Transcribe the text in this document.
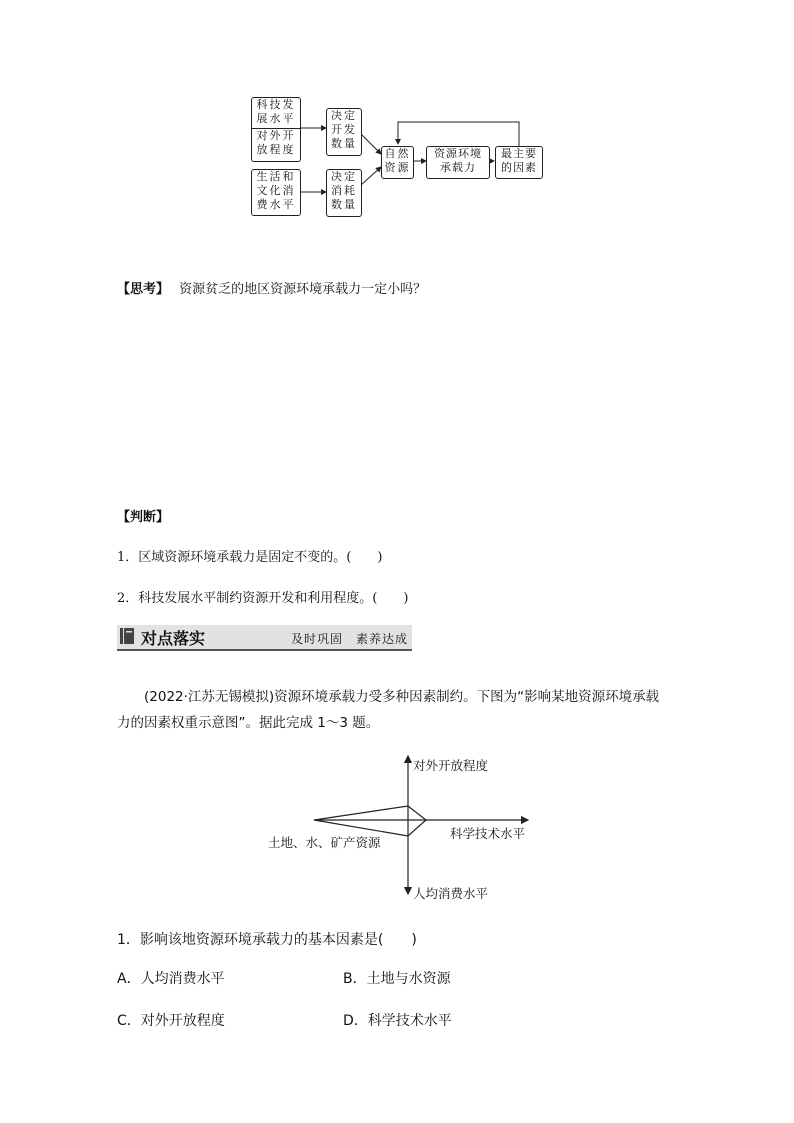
科技发
展水平
对外开
放程度
生活和
文化消
费水平
决定
开发
数量
决定
消耗
数量
自然
资源
资源环境
承载力
最主要
的因素
【思考】 资源贫乏的地区资源环境承载力一定小吗？
【判断】
1．区域资源环境承载力是固定不变的。(　　)
2．科技发展水平制约资源开发和利用程度。(　　)
对点落实	及时巩固　素养达成
(2022·江苏无锡模拟)资源环境承载力受多种因素制约。下图为“影响某地资源环境承载
力的因素权重示意图”。据此完成 1～3 题。
对外开放程度
科学技术水平
土地、水、矿产资源
人均消费水平
1．影响该地资源环境承载力的基本因素是(　　)
A．人均消费水平	B．土地与水资源
C．对外开放程度	D．科学技术水平
